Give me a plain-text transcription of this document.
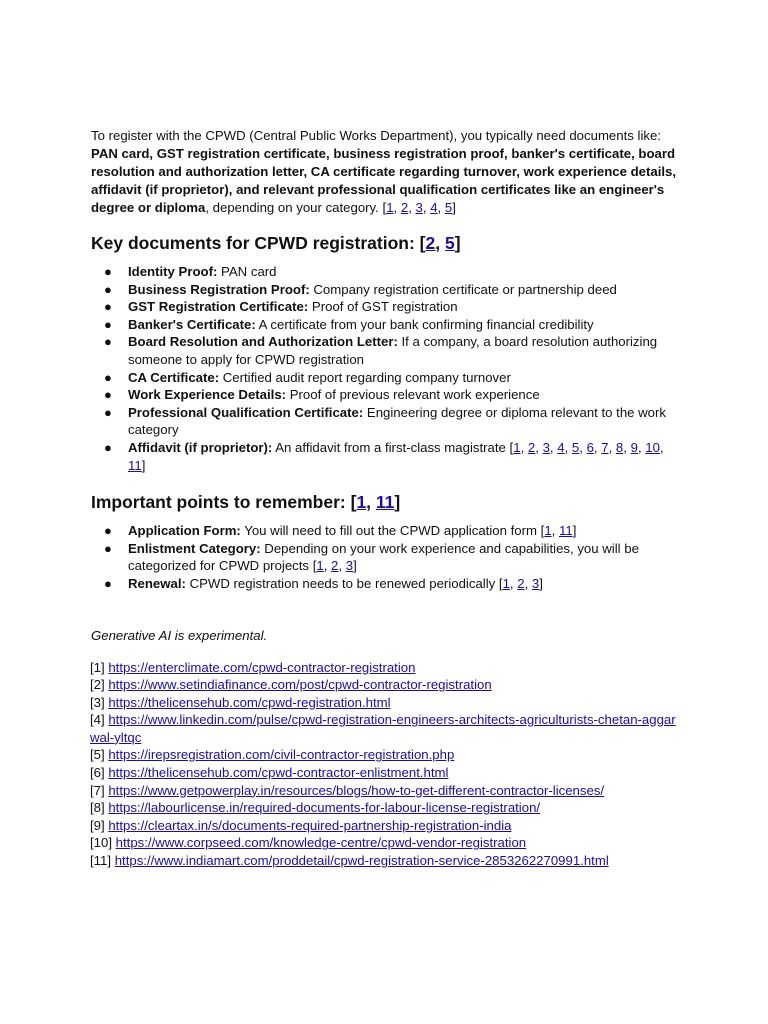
To register with the CPWD (Central Public Works Department), you typically need documents like: PAN card, GST registration certificate, business registration proof, banker's certificate, board resolution and authorization letter, CA certificate regarding turnover, work experience details, affidavit (if proprietor), and relevant professional qualification certificates like an engineer's degree or diploma, depending on your category. [1, 2, 3, 4, 5]

Key documents for CPWD registration: [2, 5]
● Identity Proof: PAN card
● Business Registration Proof: Company registration certificate or partnership deed
● GST Registration Certificate: Proof of GST registration
● Banker's Certificate: A certificate from your bank confirming financial credibility
● Board Resolution and Authorization Letter: If a company, a board resolution authorizing someone to apply for CPWD registration
● CA Certificate: Certified audit report regarding company turnover
● Work Experience Details: Proof of previous relevant work experience
● Professional Qualification Certificate: Engineering degree or diploma relevant to the work category
● Affidavit (if proprietor): An affidavit from a first-class magistrate [1, 2, 3, 4, 5, 6, 7, 8, 9, 10, 11]
Important points to remember: [1, 11]
● Application Form: You will need to fill out the CPWD application form [1, 11]
● Enlistment Category: Depending on your work experience and capabilities, you will be categorized for CPWD projects [1, 2, 3]
● Renewal: CPWD registration needs to be renewed periodically [1, 2, 3]
Generative AI is experimental.
[1] https://enterclimate.com/cpwd-contractor-registration
[2] https://www.setindiafinance.com/post/cpwd-contractor-registration
[3] https://thelicensehub.com/cpwd-registration.html
[4] https://www.linkedin.com/pulse/cpwd-registration-engineers-architects-agriculturists-chetan-aggarwal-yltqc
[5] https://irepsregistration.com/civil-contractor-registration.php
[6] https://thelicensehub.com/cpwd-contractor-enlistment.html
[7] https://www.getpowerplay.in/resources/blogs/how-to-get-different-contractor-licenses/
[8] https://labourlicense.in/required-documents-for-labour-license-registration/
[9] https://cleartax.in/s/documents-required-partnership-registration-india
[10] https://www.corpseed.com/knowledge-centre/cpwd-vendor-registration
[11] https://www.indiamart.com/proddetail/cpwd-registration-service-2853262270991.html
